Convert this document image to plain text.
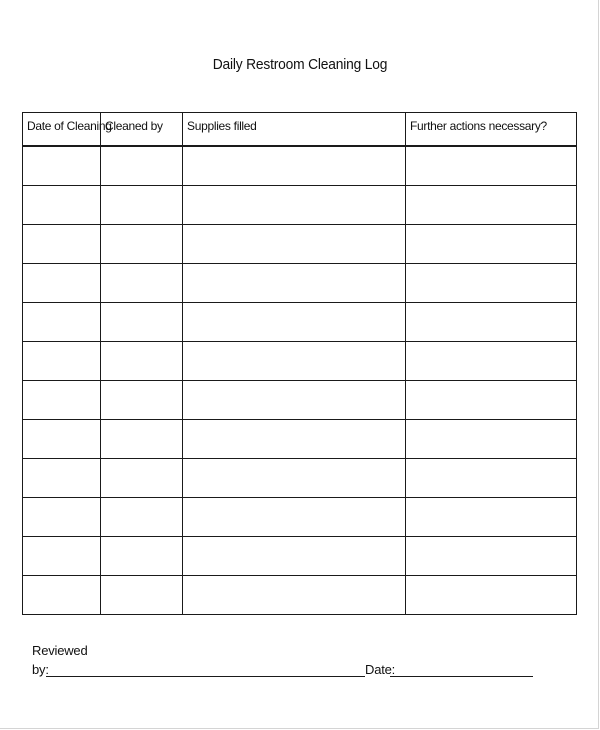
Daily Restroom Cleaning Log
Date of Cleaning	Cleaned by	Supplies filled	Further actions necessary?

Reviewed
by:	Date:
